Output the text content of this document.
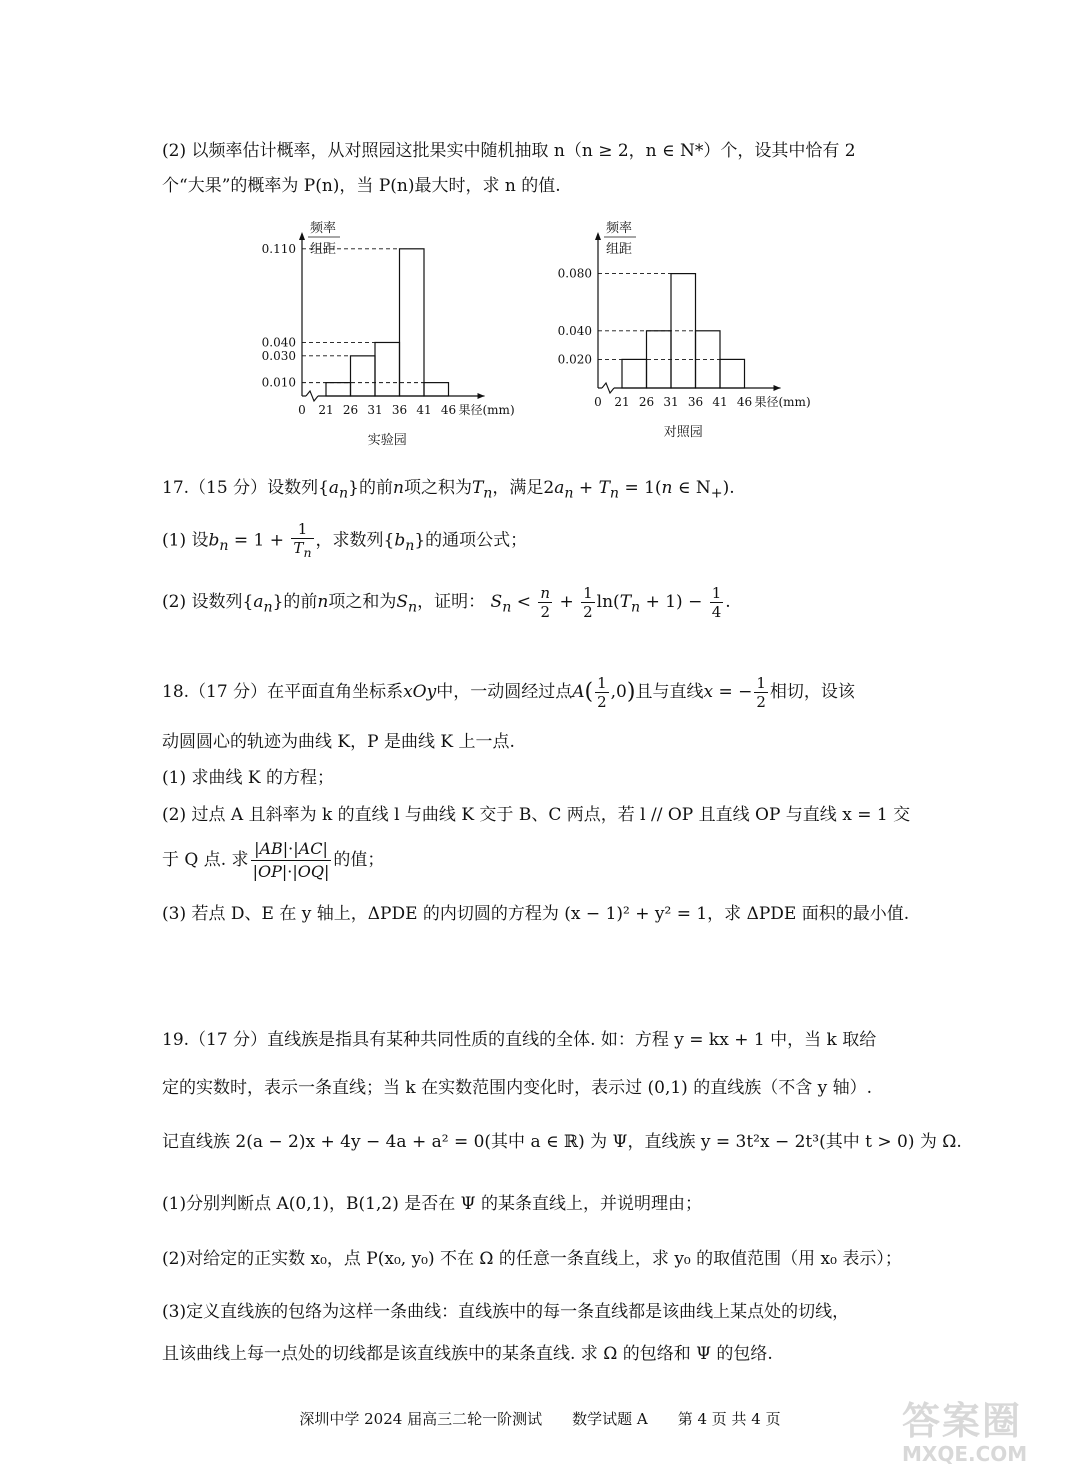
(2) 以频率估计概率，从对照园这批果实中随机抽取 n（n ≥ 2，n ∈ N*）个，设其中恰有 2
个“大果”的概率为 P(n)，当 P(n)最大时，求 n 的值.
频率
组距
0.010
0.030
0.040
0.110
0 21 26 31 36 41 46 果径(mm)
实验园
频率
组距
0.020
0.040
0.080
0 21 26 31 36 41 46 果径(mm)
对照园
17.（15 分）设数列$\{a_n\}$的前n项之积为$T_n$，满足$2a_n + T_n = 1(n$ ∈ $N_+$).
(1) 设$b_n = 1 + \frac{1}{T_n}$ ，求数列$\{b_n\}$的通项公式；
(2) 设数列$\{a_n\}$的前n项之和为$S_n$，证明： $S_n < \frac{n}{2} + \frac{1}{2} \ln(T_n + 1) - \frac{1}{4}$ .
18.（17 分）在平面直角坐标系xOy中，一动圆经过点$A( \frac{1}{2} ,0)$且与直线x = − $\frac{1}{2}$ 相切，设该
动圆圆心的轨迹为曲线 K，P 是曲线 K 上一点.
(1) 求曲线 K 的方程；
(2) 过点 A 且斜率为 k 的直线 l 与曲线 K 交于 B、C 两点，若 l // OP 且直线 OP 与直线 x = 1 交
于 Q 点. 求 $\frac{|AB|\cdot|AC|}{|OP|\cdot|OQ|}$ 的值；
(3) 若点 D、E 在 y 轴上，ΔPDE 的内切圆的方程为 (x − 1)² + y² = 1，求 ΔPDE 面积的最小值.
19.（17 分）直线族是指具有某种共同性质的直线的全体. 如：方程 y = kx + 1 中，当 k 取给
定的实数时，表示一条直线；当 k 在实数范围内变化时，表示过 (0,1) 的直线族（不含 y 轴）.
记直线族 2(a − 2)x + 4y − 4a + a² = 0(其中 a ∈ ℝ) 为 Ψ，直线族 y = 3t²x − 2t³(其中 t > 0) 为 Ω.
(1)分别判断点 A(0,1)，B(1,2) 是否在 Ψ 的某条直线上，并说明理由；
(2)对给定的正实数 x₀，点 P(x₀, y₀) 不在 Ω 的任意一条直线上，求 y₀ 的取值范围（用 x₀ 表示）；
(3)定义直线族的包络为这样一条曲线：直线族中的每一条直线都是该曲线上某点处的切线，
且该曲线上每一点处的切线都是该直线族中的某条直线. 求 Ω 的包络和 Ψ 的包络.
深圳中学 2024 届高三二轮一阶测试　　数学试题 A　　第 4 页 共 4 页	答案圈
MXQE.COM
